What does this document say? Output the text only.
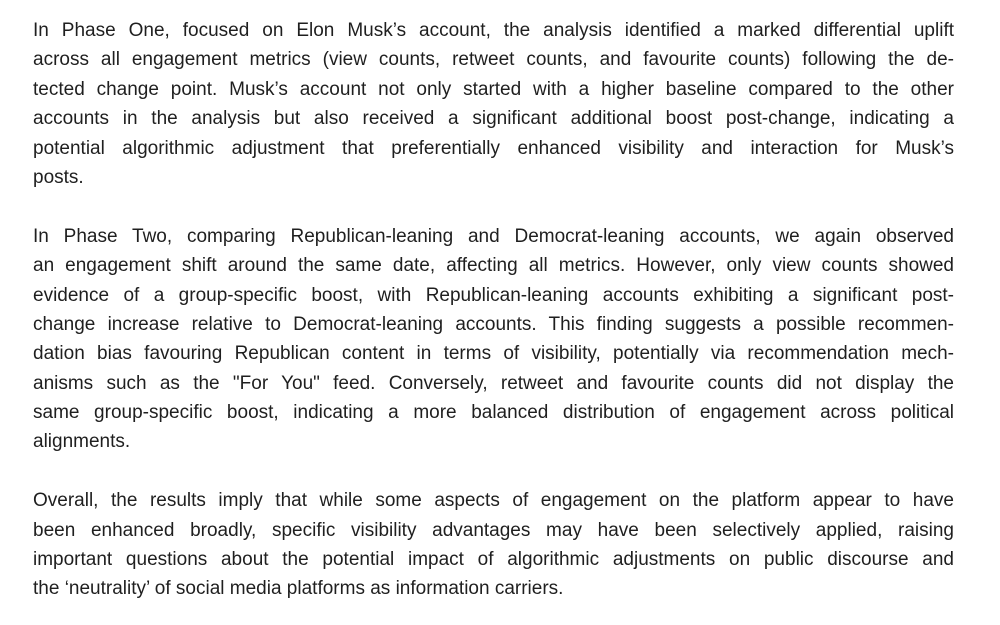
In Phase One, focused on Elon Musk’s account, the analysis identified a marked differential uplift
across all engagement metrics (view counts, retweet counts, and favourite counts) following the de-
tected change point. Musk’s account not only started with a higher baseline compared to the other
accounts in the analysis but also received a significant additional boost post-change, indicating a
potential algorithmic adjustment that preferentially enhanced visibility and interaction for Musk’s
posts.

In Phase Two, comparing Republican-leaning and Democrat-leaning accounts, we again observed
an engagement shift around the same date, affecting all metrics. However, only view counts showed
evidence of a group-specific boost, with Republican-leaning accounts exhibiting a significant post-
change increase relative to Democrat-leaning accounts. This finding suggests a possible recommen-
dation bias favouring Republican content in terms of visibility, potentially via recommendation mech-
anisms such as the "For You" feed. Conversely, retweet and favourite counts did not display the
same group-specific boost, indicating a more balanced distribution of engagement across political
alignments.

Overall, the results imply that while some aspects of engagement on the platform appear to have
been enhanced broadly, specific visibility advantages may have been selectively applied, raising
important questions about the potential impact of algorithmic adjustments on public discourse and
the ‘neutrality’ of social media platforms as information carriers.
